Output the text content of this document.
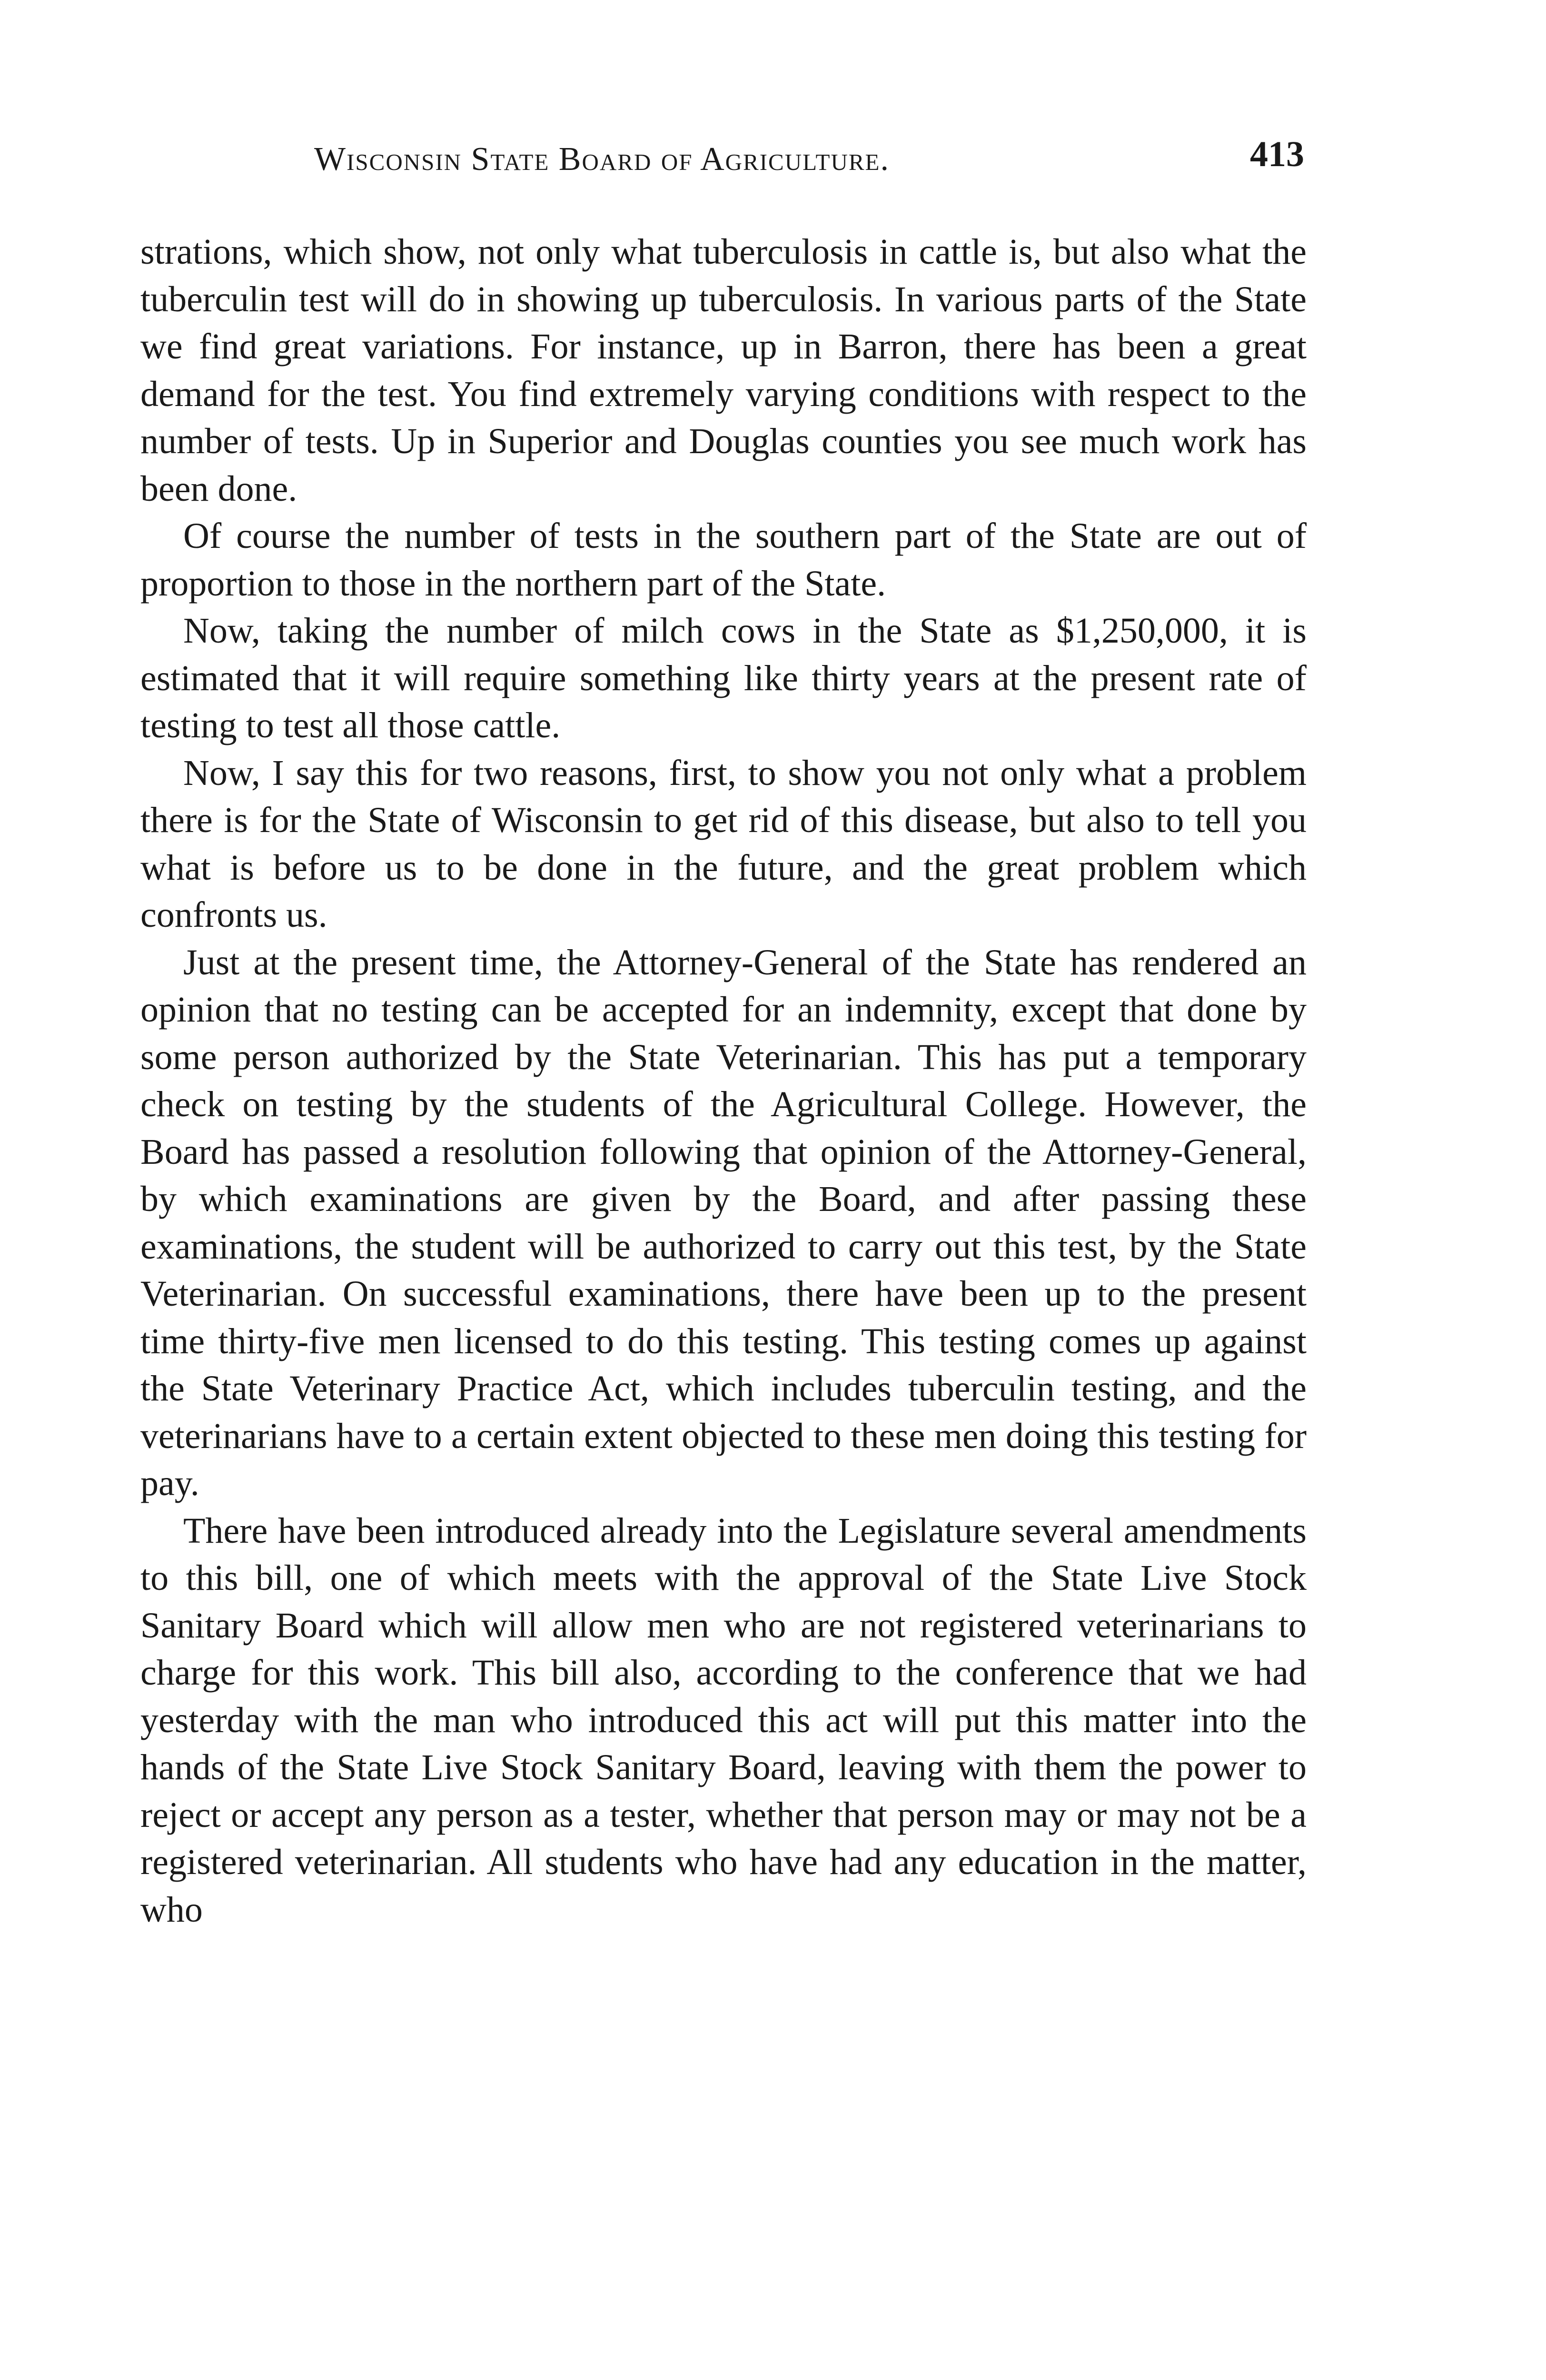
Wisconsin State Board of Agriculture.	413

strations, which show, not only what tuberculosis in cattle is, but also what the tuberculin test will do in showing up tuberculosis. In various parts of the State we find great variations. For instance, up in Barron, there has been a great demand for the test. You find extremely varying conditions with respect to the number of tests. Up in Superior and Douglas counties you see much work has been done.

Of course the number of tests in the southern part of the State are out of proportion to those in the northern part of the State.

Now, taking the number of milch cows in the State as $1,250,000, it is estimated that it will require something like thirty years at the present rate of testing to test all those cattle.

Now, I say this for two reasons, first, to show you not only what a problem there is for the State of Wisconsin to get rid of this disease, but also to tell you what is before us to be done in the future, and the great problem which confronts us.

Just at the present time, the Attorney-General of the State has rendered an opinion that no testing can be accepted for an indemnity, except that done by some person authorized by the State Veterinarian. This has put a temporary check on testing by the students of the Agricultural College. However, the Board has passed a resolution following that opinion of the Attorney-General, by which examinations are given by the Board, and after passing these examinations, the student will be authorized to carry out this test, by the State Veterinarian. On successful examinations, there have been up to the present time thirty-five men licensed to do this testing. This testing comes up against the State Veterinary Practice Act, which includes tuberculin testing, and the veterinarians have to a certain extent objected to these men doing this testing for pay.

There have been introduced already into the Legislature several amendments to this bill, one of which meets with the approval of the State Live Stock Sanitary Board which will allow men who are not registered veterinarians to charge for this work. This bill also, according to the conference that we had yesterday with the man who introduced this act will put this matter into the hands of the State Live Stock Sanitary Board, leaving with them the power to reject or accept any person as a tester, whether that person may or may not be a registered veterinarian. All students who have had any education in the matter, who
